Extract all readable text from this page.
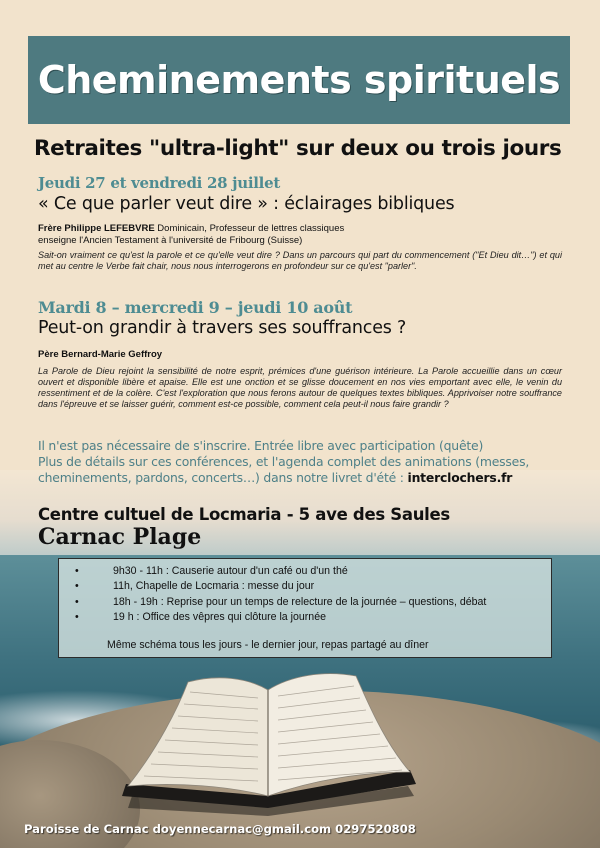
Cheminements spirituels
Retraites "ultra-light" sur deux ou trois jours
Jeudi 27 et vendredi 28 juillet
« Ce que parler veut dire » : éclairages bibliques
Frère Philippe LEFEBVRE Dominicain, Professeur de lettres classiques
enseigne l'Ancien Testament à l'université de Fribourg (Suisse)
Sait-on vraiment ce qu'est la parole et ce qu'elle veut dire ? Dans un parcours qui part du commencement ("Et Dieu dit…") et qui met au centre le Verbe fait chair, nous nous interrogerons en profondeur sur ce qu'est "parler".
Mardi 8 – mercredi 9 – jeudi 10 août
Peut-on grandir à travers ses souffrances ?
Père Bernard-Marie Geffroy
La Parole de Dieu rejoint la sensibilité de notre esprit, prémices d'une guérison intérieure. La Parole accueillie dans un cœur ouvert et disponible libère et apaise. Elle est une onction et se glisse doucement en nos vies emportant avec elle, le venin du ressentiment et de la colère. C'est l'exploration que nous ferons autour de quelques textes bibliques. Apprivoiser notre souffrance dans l'épreuve et se laisser guérir, comment est-ce possible, comment cela peut-il nous faire grandir ?
Il n'est pas nécessaire de s'inscrire. Entrée libre avec participation (quête)
Plus de détails sur ces conférences, et l'agenda complet des animations (messes, cheminements, pardons, concerts…) dans notre livret d'été : interclochers.fr
Centre cultuel de Locmaria - 5 ave des Saules
Carnac Plage
•	9h30 - 11h : Causerie autour d'un café ou d'un thé
•	11h, Chapelle de Locmaria : messe du jour
•	18h - 19h : Reprise pour un temps de relecture de la journée – questions, débat
•	19 h : Office des vêpres qui clôture la journée
Même schéma tous les jours - le dernier jour, repas partagé au dîner
Paroisse de Carnac doyennecarnac@gmail.com 0297520808
